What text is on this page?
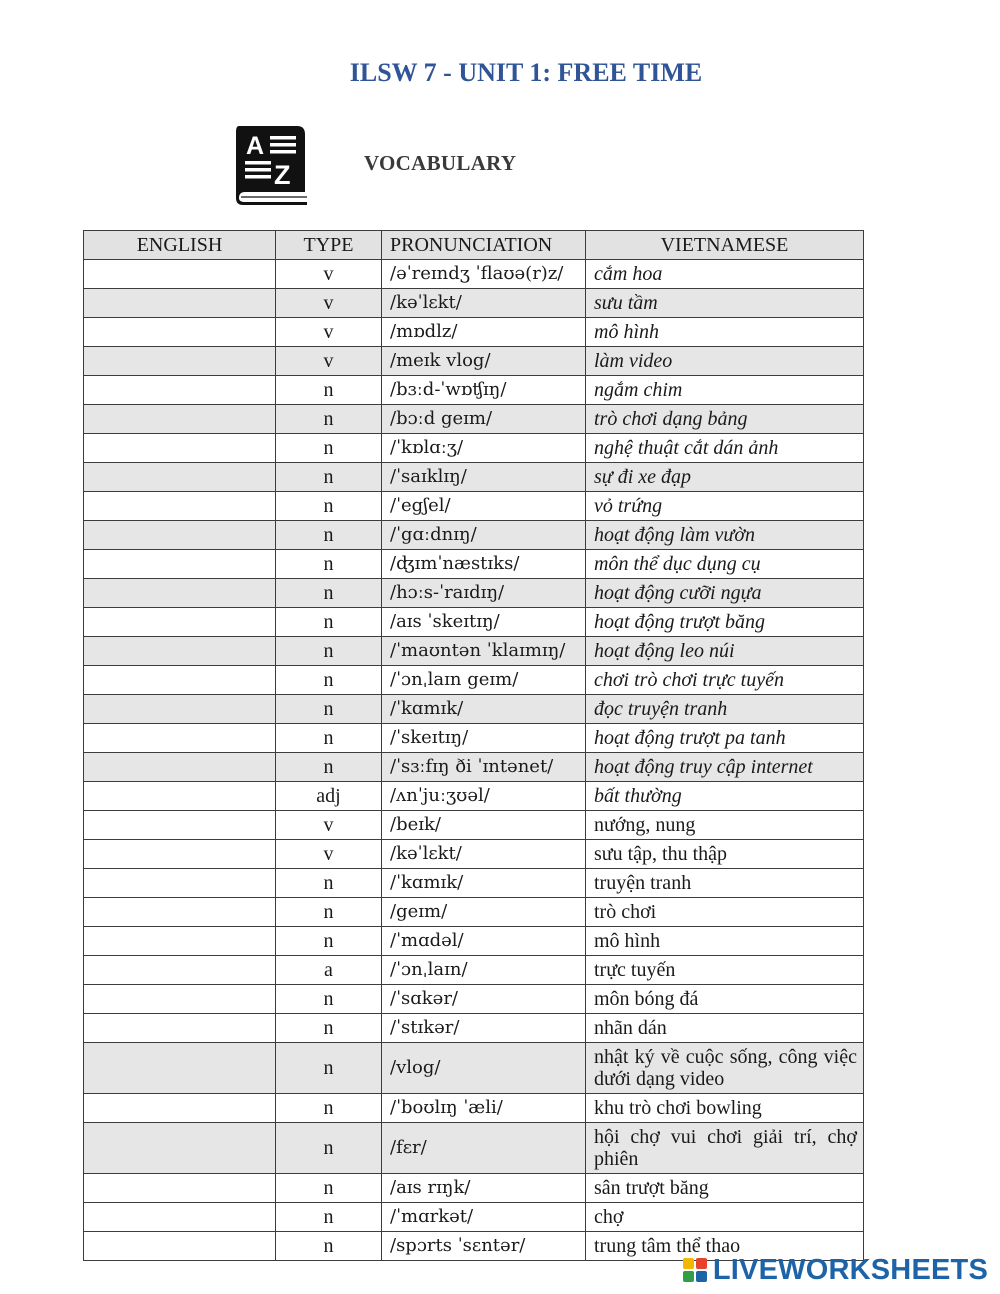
ILSW 7 - UNIT 1: FREE TIME
A
Z	VOCABULARY
ENGLISH	TYPE	PRONUNCIATION	VIETNAMESE
	v	/əˈreɪndʒ ˈflaʊə(r)z/	cắm hoa
	v	/kəˈlɛkt/	sưu tầm
	v	/mɒdlz/	mô hình
	v	/meɪk vlog/	làm video
	n	/bɜːd-ˈwɒʧɪŋ/	ngắm chim
	n	/bɔːd geɪm/	trò chơi dạng bảng
	n	/ˈkɒlɑːʒ/	nghệ thuật cắt dán ảnh
	n	/ˈsaɪklɪŋ/	sự đi xe đạp
	n	/ˈegʃel/	vỏ trứng
	n	/ˈgɑːdnɪŋ/	hoạt động làm vườn
	n	/ʤɪmˈnæstɪks/	môn thể dục dụng cụ
	n	/hɔːs-ˈraɪdɪŋ/	hoạt động cưỡi ngựa
	n	/aɪs ˈskeɪtɪŋ/	hoạt động trượt băng
	n	/ˈmaʊntən ˈklaɪmɪŋ/	hoạt động leo núi
	n	/ˈɔnˌlaɪn geɪm/	chơi trò chơi trực tuyến
	n	/ˈkɑmɪk/	đọc truyện tranh
	n	/ˈskeɪtɪŋ/	hoạt động trượt pa tanh
	n	/ˈsɜːfɪŋ ði ˈɪntənet/	hoạt động truy cập internet
	adj	/ʌnˈjuːʒʊəl/	bất thường
	v	/beɪk/	nướng, nung
	v	/kəˈlɛkt/	sưu tập, thu thập
	n	/ˈkɑmɪk/	truyện tranh
	n	/geɪm/	trò chơi
	n	/ˈmɑdəl/	mô hình
	a	/ˈɔnˌlaɪn/	trực tuyến
	n	/ˈsɑkər/	môn bóng đá
	n	/ˈstɪkər/	nhãn dán
	n	/vlog/	nhật ký về cuộc sống, công việc dưới dạng video
	n	/ˈboʊlɪŋ ˈæli/	khu trò chơi bowling
	n	/fɛr/	hội chợ vui chơi giải trí, chợ phiên
	n	/aɪs rɪŋk/	sân trượt băng
	n	/ˈmɑrkət/	chợ
	n	/spɔrts ˈsɛntər/	trung tâm thể thao
LIVEWORKSHEETS
